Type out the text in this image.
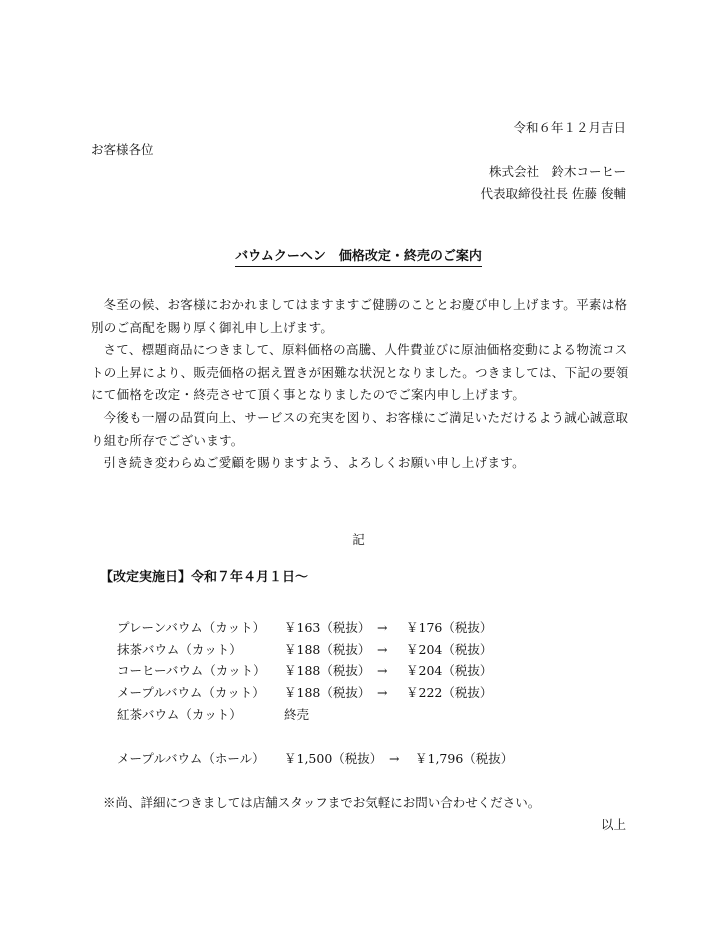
令和６年１２月吉日
お客様各位
株式会社　鈴木コーヒー
代表取締役社長 佐藤 俊輔
バウムクーヘン　価格改定・終売のご案内

冬至の候、お客様におかれましてはますますご健勝のこととお慶び申し上げます。平素は格別のご高配を賜り厚く御礼申し上げます。

さて、標題商品につきまして、原料価格の高騰、人件費並びに原油価格変動による物流コストの上昇により、販売価格の据え置きが困難な状況となりました。つきましては、下記の要領にて価格を改定・終売させて頂く事となりましたのでご案内申し上げます。

今後も一層の品質向上、サービスの充実を図り、お客様にご満足いただけるよう誠心誠意取り組む所存でございます。

引き続き変わらぬご愛顧を賜りますよう、よろしくお願い申し上げます。

記
【改定実施日】令和７年４月１日〜
プレーンバウム（カット） ￥163（税抜） → ￥176（税抜）
抹茶バウム（カット）	￥188（税抜） → ￥204（税抜）
コーヒーバウム（カット） ￥188（税抜） → ￥204（税抜）
メープルバウム（カット） ￥188（税抜） → ￥222（税抜）
紅茶バウム（カット）	終売
メープルバウム（ホール） ￥1,500（税抜） → ￥1,796（税抜）
※尚、詳細につきましては店舗スタッフまでお気軽にお問い合わせください。
以上
